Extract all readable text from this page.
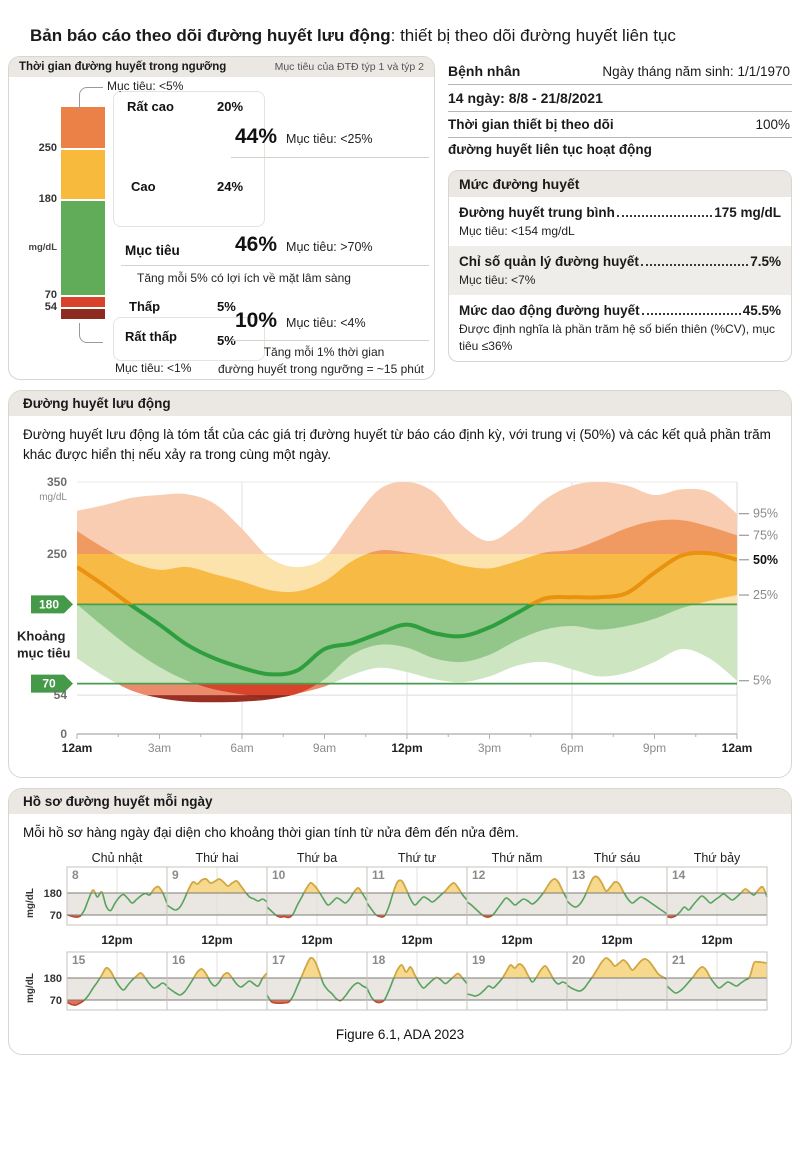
Bản báo cáo theo dõi đường huyết lưu động: thiết bị theo dõi đường huyết liên tục
Thời gian đường huyết trong ngưỡng	Mục tiêu của ĐTĐ týp 1 và týp 2
250
180
mg/dL
70
54
Mục tiêu: <5%
Rất cao	20%
44% Mục tiêu: <25%
Cao	24%
Mục tiêu	46% Mục tiêu: >70%
Tăng mỗi 5% có lợi ích về mặt lâm sàng
Thấp	5%
Rất thấp	5%
Mục tiêu: <1%
10% Mục tiêu: <4%
Tăng mỗi 1% thời gian
đường huyết trong ngưỡng = ~15 phút
Bệnh nhân	Ngày tháng năm sinh: 1/1/1970
14 ngày: 8/8 - 21/8/2021
Thời gian thiết bị theo dõi	100%
đường huyết liên tục hoạt động
Mức đường huyết
Đường huyết trung bình	175 mg/dL
Mục tiêu: <154 mg/dL
Chỉ số quản lý đường huyết	7.5%
Mục tiêu: <7%
Mức dao động đường huyết	45.5%
Được định nghĩa là phần trăm hệ số biến thiên (%CV), mục tiêu ≤36%
Đường huyết lưu động
Đường huyết lưu động là tóm tắt của các giá trị đường huyết từ báo cáo định kỳ, với trung vị (50%) và các kết quả phần trăm khác được hiển thị nếu xảy ra trong cùng một ngày.
180
70
350
mg/dL
250
54
0
Khoảng
mục tiêu
12am	3am	6am	9am	12pm	3pm	6pm	9pm	12am
95%
75%
50%
25%
5%
Hồ sơ đường huyết mỗi ngày
Mỗi hồ sơ hàng ngày đại diện cho khoảng thời gian tính từ nửa đêm đến nửa đêm.
Chủ nhật	Thứ hai	Thứ ba	Thứ tư	Thứ năm	Thứ sáu	Thứ bảy
8	9	10	11	12	13	14
mg/dL 180
70
12pm	12pm	12pm	12pm	12pm	12pm	12pm
15	16	17	18	19	20	21
mg/dL 180
70
Figure 6.1, ADA 2023
